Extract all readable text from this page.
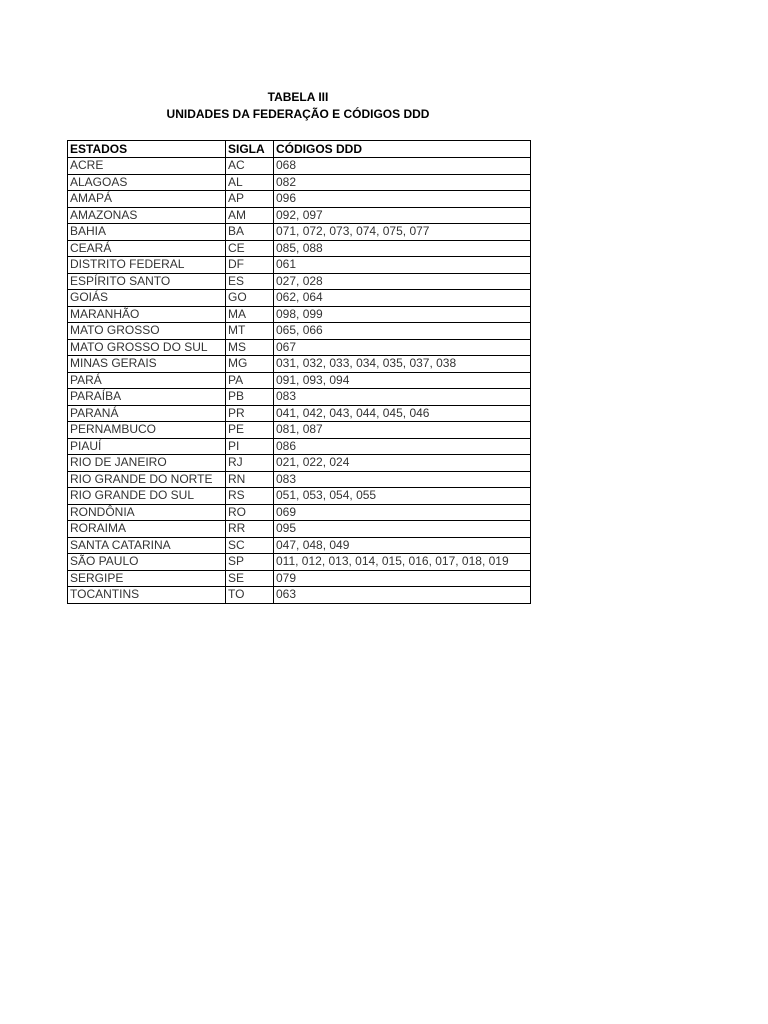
TABELA III
UNIDADES DA FEDERAÇÃO E CÓDIGOS DDD
ESTADOS	SIGLA	CÓDIGOS DDD
ACRE	AC	068
ALAGOAS	AL	082
AMAPÁ	AP	096
AMAZONAS	AM	092, 097
BAHIA	BA	071, 072, 073, 074, 075, 077
CEARÁ	CE	085, 088
DISTRITO FEDERAL	DF	061
ESPÍRITO SANTO	ES	027, 028
GOIÁS	GO	062, 064
MARANHÃO	MA	098, 099
MATO GROSSO	MT	065, 066
MATO GROSSO DO SUL	MS	067
MINAS GERAIS	MG	031, 032, 033, 034, 035, 037, 038
PARÁ	PA	091, 093, 094
PARAÍBA	PB	083
PARANÁ	PR	041, 042, 043, 044, 045, 046
PERNAMBUCO	PE	081, 087
PIAUÍ	PI	086
RIO DE JANEIRO	RJ	021, 022, 024
RIO GRANDE DO NORTE	RN	083
RIO GRANDE DO SUL	RS	051, 053, 054, 055
RONDÔNIA	RO	069
RORAIMA	RR	095
SANTA CATARINA	SC	047, 048, 049
SÃO PAULO	SP	011, 012, 013, 014, 015, 016, 017, 018, 019
SERGIPE	SE	079
TOCANTINS	TO	063
